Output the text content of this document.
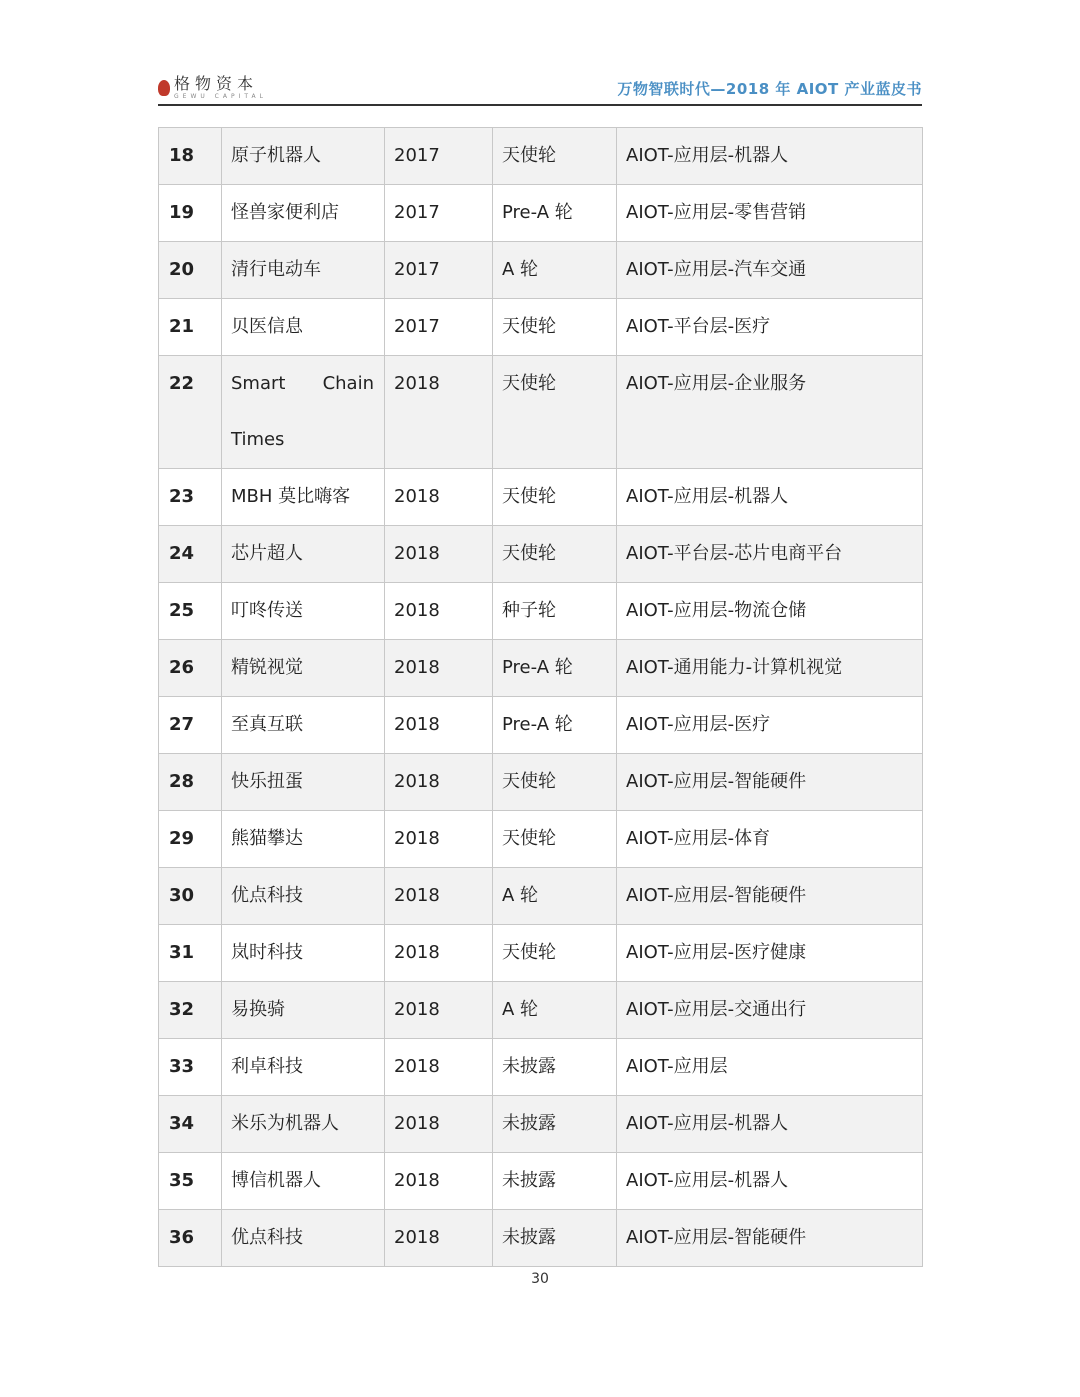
格物资本
GEWU CAPITAL	万物智联时代—2018 年 AIOT 产业蓝皮书
18	原子机器人	2017	天使轮	AIOT-应用层-机器人
19	怪兽家便利店	2017	Pre-A 轮	AIOT-应用层-零售营销
20	清行电动车	2017	A 轮	AIOT-应用层-汽车交通
21	贝医信息	2017	天使轮	AIOT-平台层-医疗
22	Smart Chain
Times	2018	天使轮	AIOT-应用层-企业服务
23	MBH 莫比嗨客	2018	天使轮	AIOT-应用层-机器人
24	芯片超人	2018	天使轮	AIOT-平台层-芯片电商平台
25	叮咚传送	2018	种子轮	AIOT-应用层-物流仓储
26	精锐视觉	2018	Pre-A 轮	AIOT-通用能力-计算机视觉
27	至真互联	2018	Pre-A 轮	AIOT-应用层-医疗
28	快乐扭蛋	2018	天使轮	AIOT-应用层-智能硬件
29	熊猫攀达	2018	天使轮	AIOT-应用层-体育
30	优点科技	2018	A 轮	AIOT-应用层-智能硬件
31	岚时科技	2018	天使轮	AIOT-应用层-医疗健康
32	易换骑	2018	A 轮	AIOT-应用层-交通出行
33	利卓科技	2018	未披露	AIOT-应用层
34	米乐为机器人	2018	未披露	AIOT-应用层-机器人
35	博信机器人	2018	未披露	AIOT-应用层-机器人
36	优点科技	2018	未披露	AIOT-应用层-智能硬件
30
